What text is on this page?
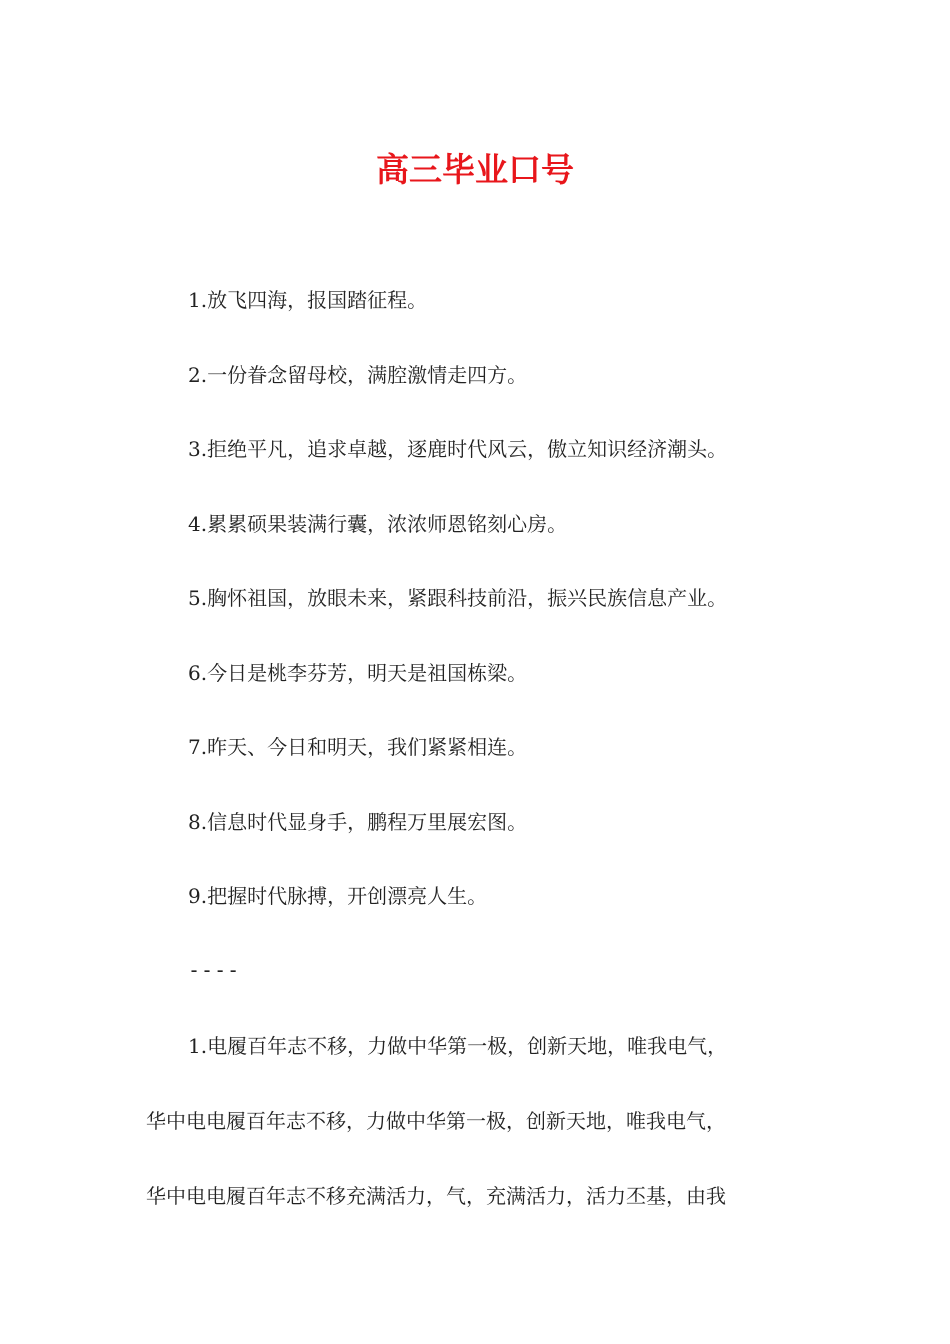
高三毕业口号

1.放飞四海，报国踏征程。

2.一份眷念留母校，满腔激情走四方。

3.拒绝平凡，追求卓越，逐鹿时代风云，傲立知识经济潮头。

4.累累硕果装满行囊，浓浓师恩铭刻心房。

5.胸怀祖国，放眼未来，紧跟科技前沿，振兴民族信息产业。

6.今日是桃李芬芳，明天是祖国栋梁。

7.昨天、今日和明天，我们紧紧相连。

8.信息时代显身手，鹏程万里展宏图。

9.把握时代脉搏，开创漂亮人生。

----

1.电履百年志不移，力做中华第一极，创新天地，唯我电气，

华中电电履百年志不移，力做中华第一极，创新天地，唯我电气，

华中电电履百年志不移充满活力，气，充满活力，活力丕基，由我
